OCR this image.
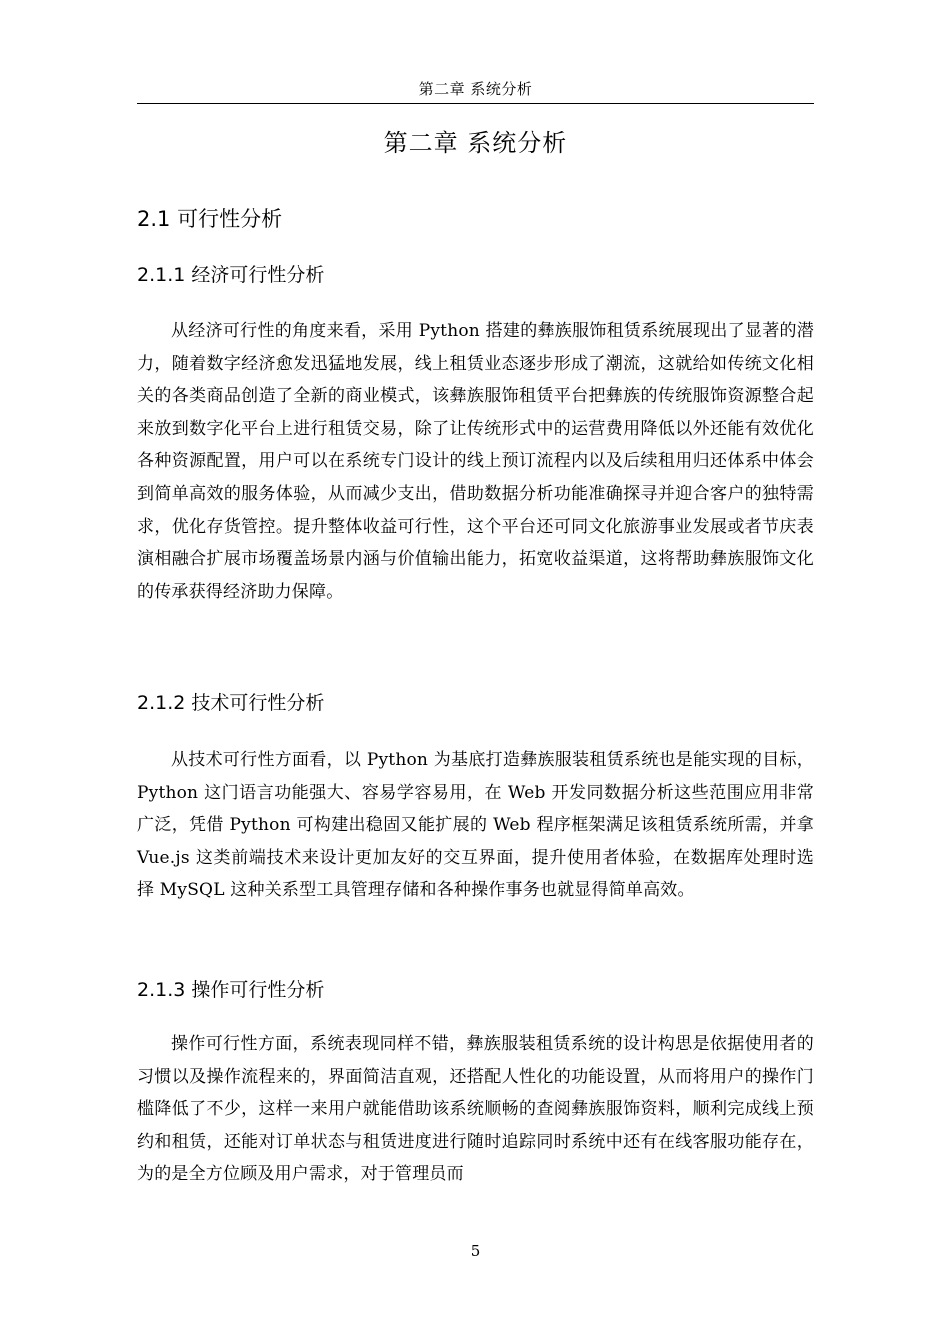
第二章 系统分析
第二章 系统分析
2.1 可行性分析
2.1.1 经济可行性分析

从经济可行性的角度来看，采用 Python 搭建的彝族服饰租赁系统展现出了显著的潜力，随着数字经济愈发迅猛地发展，线上租赁业态逐步形成了潮流，这就给如传统文化相关的各类商品创造了全新的商业模式，该彝族服饰租赁平台把彝族的传统服饰资源整合起来放到数字化平台上进行租赁交易，除了让传统形式中的运营费用降低以外还能有效优化各种资源配置，用户可以在系统专门设计的线上预订流程内以及后续租用归还体系中体会到简单高效的服务体验，从而减少支出，借助数据分析功能准确探寻并迎合客户的独特需求，优化存货管控。提升整体收益可行性，这个平台还可同文化旅游事业发展或者节庆表演相融合扩展市场覆盖场景内涵与价值输出能力，拓宽收益渠道，这将帮助彝族服饰文化的传承获得经济助力保障。

2.1.2 技术可行性分析

从技术可行性方面看，以 Python 为基底打造彝族服装租赁系统也是能实现的目标，Python 这门语言功能强大、容易学容易用，在 Web 开发同数据分析这些范围应用非常广泛，凭借 Python 可构建出稳固又能扩展的 Web 程序框架满足该租赁系统所需，并拿 Vue.js 这类前端技术来设计更加友好的交互界面，提升使用者体验，在数据库处理时选择 MySQL 这种关系型工具管理存储和各种操作事务也就显得简单高效。

2.1.3 操作可行性分析

操作可行性方面，系统表现同样不错，彝族服装租赁系统的设计构思是依据使用者的习惯以及操作流程来的，界面简洁直观，还搭配人性化的功能设置，从而将用户的操作门槛降低了不少，这样一来用户就能借助该系统顺畅的查阅彝族服饰资料，顺利完成线上预约和租赁，还能对订单状态与租赁进度进行随时追踪同时系统中还有在线客服功能存在，为的是全方位顾及用户需求，对于管理员而

5
